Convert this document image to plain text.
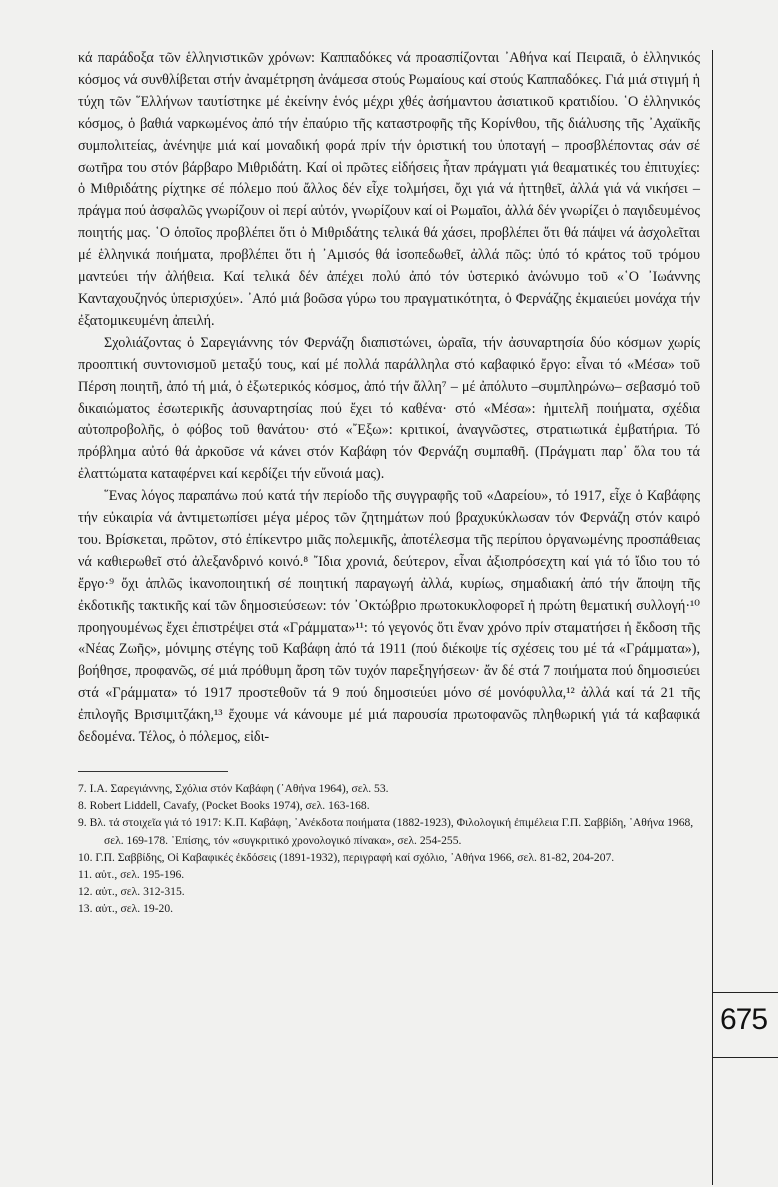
κά παράδοξα τῶν ἑλληνιστικῶν χρόνων: Καππαδόκες νά προασπίζονται ᾿Αθήνα καί Πειραιᾶ, ὁ ἑλληνικός κόσμος νά συνθλίβεται στήν ἀναμέτρηση ἀνάμεσα στούς Ρωμαίους καί στούς Καππαδόκες. Γιά μιά στιγμή ἡ τύχη τῶν ῞Ελλήνων ταυτίστηκε μέ ἐκείνην ἑνός μέχρι χθές ἀσήμαντου ἀσιατικοῦ κρατιδίου. ῾Ο ἑλληνικός κόσμος, ὁ βαθιά ναρκωμένος ἀπό τήν ἐπαύριο τῆς καταστροφῆς τῆς Κορίνθου, τῆς διάλυσης τῆς ᾿Αχαϊκῆς συμπολιτείας, ἀνένηψε μιά καί μοναδική φορά πρίν τήν ὁριστική του ὑποταγή – προσβλέποντας σάν σέ σωτῆρα του στόν βάρβαρο Μιθριδάτη. Καί οἱ πρῶτες εἰδήσεις ἦταν πράγματι γιά θεαματικές του ἐπιτυχίες: ὁ Μιθριδάτης ρίχτηκε σέ πόλεμο πού ἄλλος δέν εἶχε τολμήσει, ὄχι γιά νά ἡττηθεῖ, ἀλλά γιά νά νικήσει – πράγμα πού ἀσφαλῶς γνωρίζουν οἱ περί αὐτόν, γνωρίζουν καί οἱ Ρωμαῖοι, ἀλλά δέν γνωρίζει ὁ παγιδευμένος ποιητής μας. ῾Ο ὁποῖος προβλέπει ὅτι ὁ Μιθριδάτης τελικά θά χάσει, προβλέπει ὅτι θά πάψει νά ἀσχολεῖται μέ ἑλληνικά ποιήματα, προβλέπει ὅτι ἡ ᾿Αμισός θά ἰσοπεδωθεῖ, ἀλλά πῶς: ὑπό τό κράτος τοῦ τρόμου μαντεύει τήν ἀλήθεια. Καί τελικά δέν ἀπέχει πολύ ἀπό τόν ὑστερικό ἀνώνυμο τοῦ «῾Ο ᾿Ιωάννης Κανταχουζηνός ὑπερισχύει». ᾿Από μιά βοῶσα γύρω του πραγματικότητα, ὁ Φερνάζης ἐκμαιεύει μονάχα τήν ἐξατομικευμένη ἀπειλή.

Σχολιάζοντας ὁ Σαρεγιάννης τόν Φερνάζη διαπιστώνει, ὡραῖα, τήν ἀσυναρτησία δύο κόσμων χωρίς προοπτική συντονισμοῦ μεταξύ τους, καί μέ πολλά παράλληλα στό καβαφικό ἔργο: εἶναι τό «Μέσα» τοῦ Πέρση ποιητῆ, ἀπό τή μιά, ὁ ἐξωτερικός κόσμος, ἀπό τήν ἄλλη⁷ – μέ ἀπόλυτο –συμπληρώνω– σεβασμό τοῦ δικαιώματος ἐσωτερικῆς ἀσυναρτησίας πού ἔχει τό καθένα· στό «Μέσα»: ἡμιτελῆ ποιήματα, σχέδια αὐτοπροβολῆς, ὁ φόβος τοῦ θανάτου· στό «῎Εξω»: κριτικοί, ἀναγνῶστες, στρατιωτικά ἐμβατήρια. Τό πρόβλημα αὐτό θά ἀρκοῦσε νά κάνει στόν Καβάφη τόν Φερνάζη συμπαθῆ. (Πράγματι παρ᾽ ὅλα του τά ἐλαττώματα καταφέρνει καί κερδίζει τήν εὔνοιά μας).

῞Ενας λόγος παραπάνω πού κατά τήν περίοδο τῆς συγγραφῆς τοῦ «Δαρείου», τό 1917, εἶχε ὁ Καβάφης τήν εὐκαιρία νά ἀντιμετωπίσει μέγα μέρος τῶν ζητημάτων πού βραχυκύκλωσαν τόν Φερνάζη στόν καιρό του. Βρίσκεται, πρῶτον, στό ἐπίκεντρο μιᾶς πολεμικῆς, ἀποτέλεσμα τῆς περίπου ὀργανωμένης προσπάθειας νά καθιερωθεῖ στό ἀλεξανδρινό κοινό.⁸ ῎Ιδια χρονιά, δεύτερον, εἶναι ἀξιοπρόσεχτη καί γιά τό ἴδιο του τό ἔργο·⁹ ὄχι ἁπλῶς ἱκανοποιητική σέ ποιητική παραγωγή ἀλλά, κυρίως, σημαδιακή ἀπό τήν ἄποψη τῆς ἐκδοτικῆς τακτικῆς καί τῶν δημοσιεύσεων: τόν ᾿Οκτώβριο πρωτοκυκλοφορεῖ ἡ πρώτη θεματική συλλογή·¹⁰ προηγουμένως ἔχει ἐπιστρέψει στά «Γράμματα»¹¹: τό γεγονός ὅτι ἕναν χρόνο πρίν σταματήσει ἡ ἔκδοση τῆς «Νέας Ζωῆς», μόνιμης στέγης τοῦ Καβάφη ἀπό τά 1911 (πού διέκοψε τίς σχέσεις του μέ τά «Γράμματα»), βοήθησε, προφανῶς, σέ μιά πρόθυμη ἄρση τῶν τυχόν παρεξηγήσεων· ἄν δέ στά 7 ποιήματα πού δημοσιεύει στά «Γράμματα» τό 1917 προστεθοῦν τά 9 πού δημοσιεύει μόνο σέ μονόφυλλα,¹² ἀλλά καί τά 21 τῆς ἐπιλογῆς Βρισιμιτζάκη,¹³ ἔχουμε νά κάνουμε μέ μιά παρουσία πρωτοφανῶς πληθωρική γιά τά καβαφικά δεδομένα. Τέλος, ὁ πόλεμος, εἰδι-

7. Ι.Α. Σαρεγιάννης, Σχόλια στόν Καβάφη (᾿Αθήνα 1964), σελ. 53.

8. Robert Liddell, Cavafy, (Pocket Books 1974), σελ. 163-168.

9. Βλ. τά στοιχεῖα γιά τό 1917: Κ.Π. Καβάφη, ᾿Ανέκδοτα ποιήματα (1882-1923), Φιλολογική ἐπιμέλεια Γ.Π. Σαββίδη, ᾿Αθήνα 1968, σελ. 169-178. ᾿Επίσης, τόν «συγκριτικό χρονολογικό πίνακα», σελ. 254-255.

10. Γ.Π. Σαββίδης, Οἱ Καβαφικές ἐκδόσεις (1891-1932), περιγραφή καί σχόλιο, ᾿Αθήνα 1966, σελ. 81-82, 204-207.

11. αὐτ., σελ. 195-196.

12. αὐτ., σελ. 312-315.

13. αὐτ., σελ. 19-20.

675
